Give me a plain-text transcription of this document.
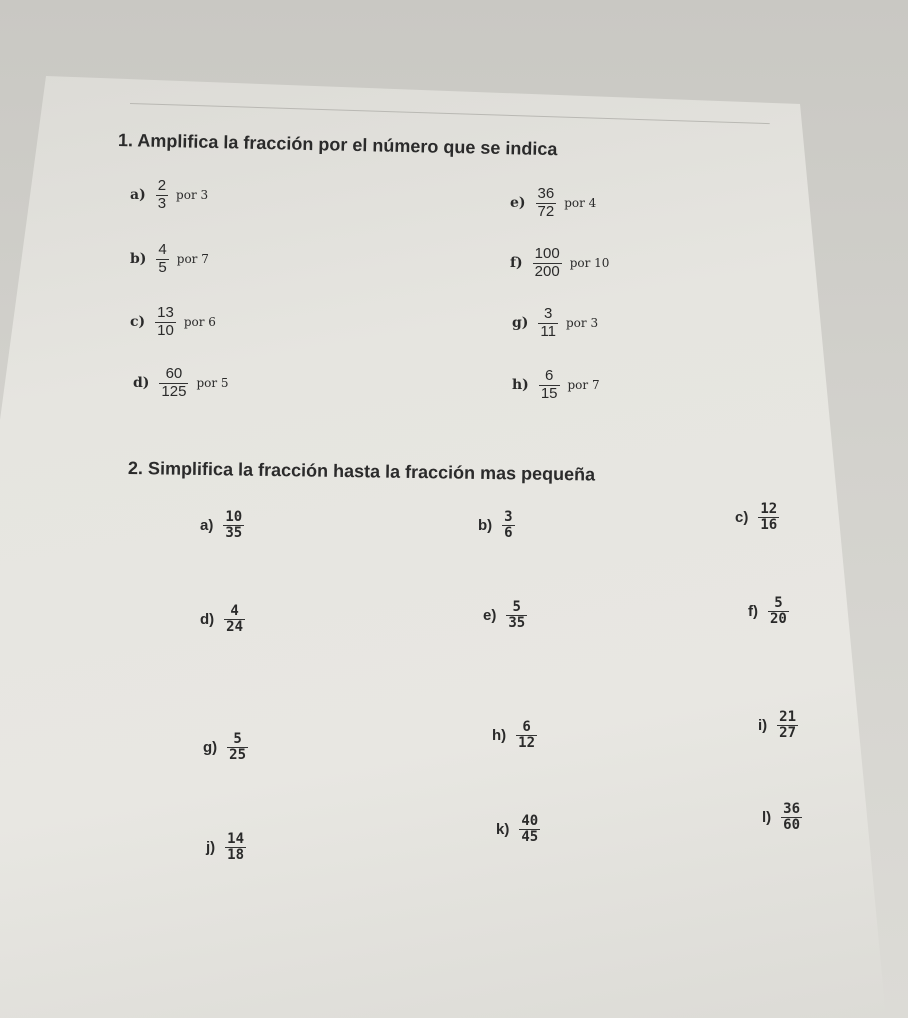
1. Amplifica la fracción por el número que se indica
$a) \frac{2}{3}$ por 3
$b) \frac{4}{5}$ por 7
$c) \frac{13}{10}$ por 6
$d) \frac{60}{125}$ por 5
$e) \frac{36}{72}$ por 4
$f) \frac{100}{200}$ por 10
$g) \frac{3}{11}$ por 3
$h) \frac{6}{15}$ por 7
2. Simplifica la fracción hasta la fracción mas pequeña
$a) \frac{10}{35}$	$b) \frac{3}{6}$	$c) \frac{12}{16}$
$d) \frac{4}{24}$	$e) \frac{5}{35}$	$f) \frac{5}{20}$
$g) \frac{5}{25}$	$h) \frac{6}{12}$	$i) \frac{21}{27}$
$j) \frac{14}{18}$
$k) \frac{40}{45}$	$l) \frac{36}{60}$
